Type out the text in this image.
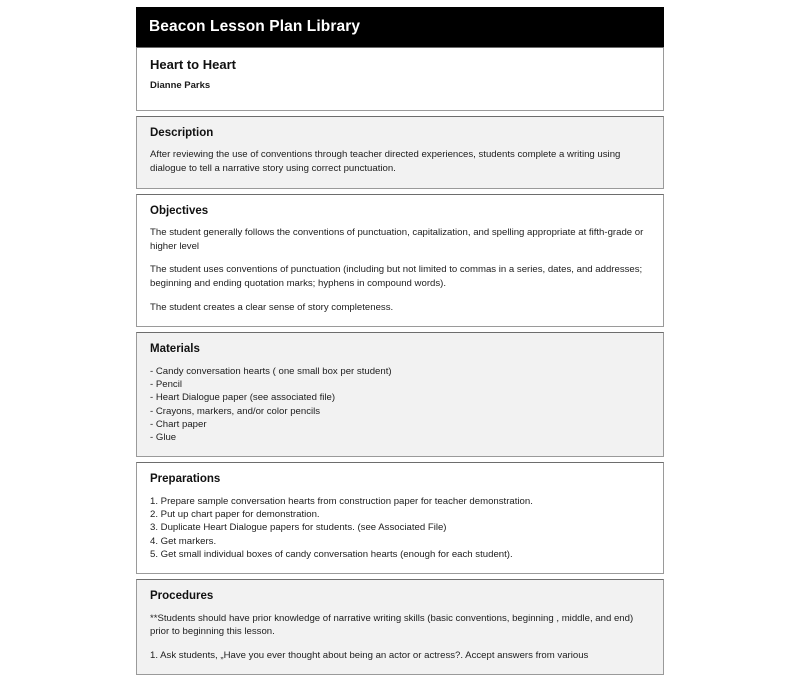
Beacon Lesson Plan Library
Heart to Heart
Dianne Parks
Description

After reviewing the use of conventions through teacher directed experiences, students complete a writing using dialogue to tell a narrative story using correct punctuation.

Objectives

The student generally follows the conventions of punctuation, capitalization, and spelling appropriate at fifth-grade or higher level

The student uses conventions of punctuation (including but not limited to commas in a series, dates, and addresses; beginning and ending quotation marks; hyphens in compound words).

The student creates a clear sense of story completeness.

Materials
- Candy conversation hearts ( one small box per student)
- Pencil
- Heart Dialogue paper (see associated file)
- Crayons, markers, and/or color pencils
- Chart paper
- Glue
Preparations
1. Prepare sample conversation hearts from construction paper for teacher demonstration.
2. Put up chart paper for demonstration.
3. Duplicate Heart Dialogue papers for students. (see Associated File)
4. Get markers.
5. Get small individual boxes of candy conversation hearts (enough for each student).
Procedures

**Students should have prior knowledge of narrative writing skills (basic conventions, beginning , middle, and end) prior to beginning this lesson.

1. Ask students, „Have you ever thought about being an actor or actress?. Accept answers from various
